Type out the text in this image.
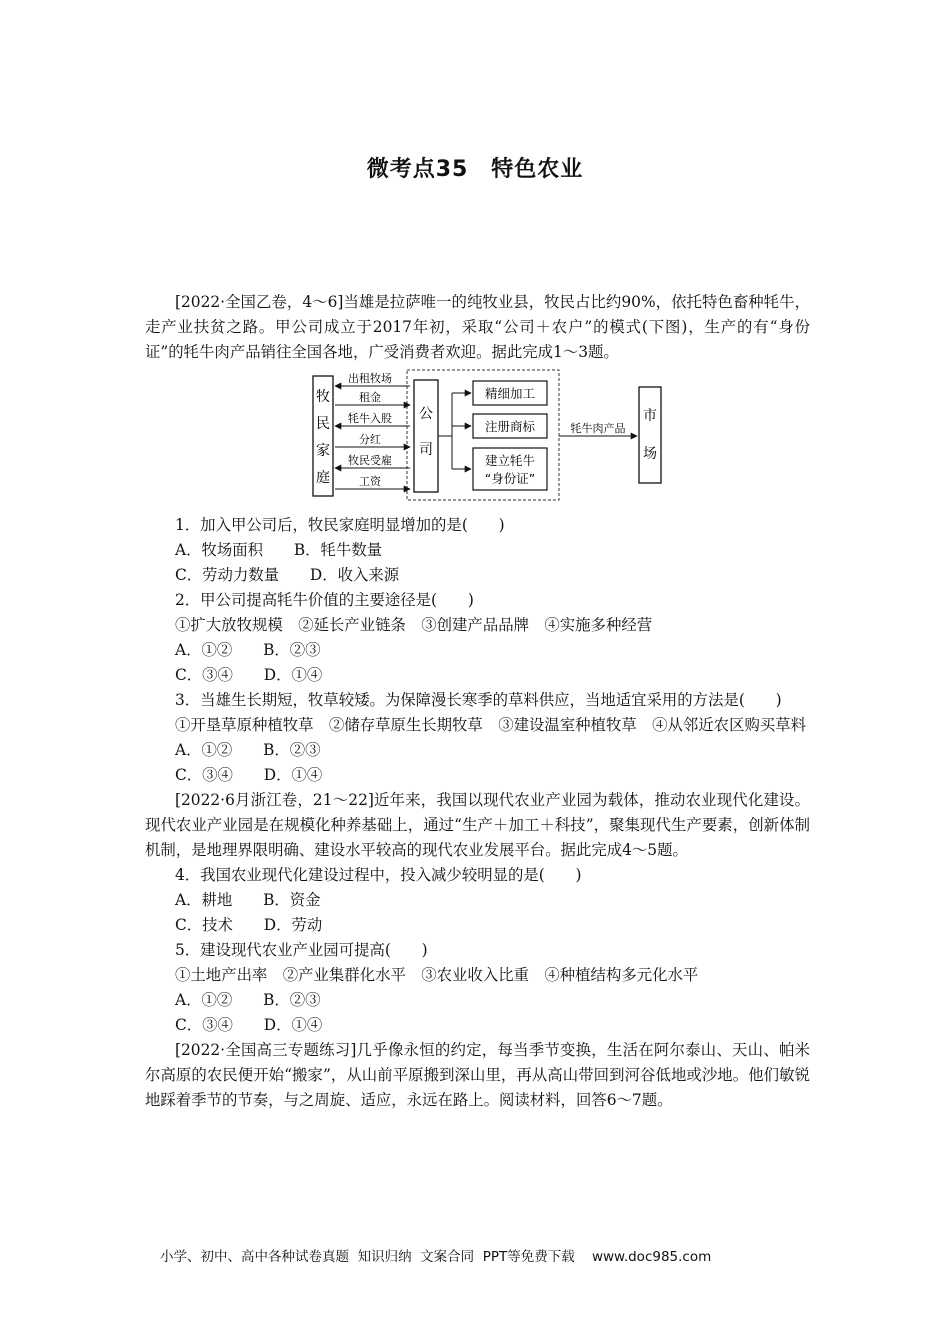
微考点35　特色农业

[2022·全国乙卷，4～6]当雄是拉萨唯一的纯牧业县，牧民占比约90%，依托特色畜种牦牛，走产业扶贫之路。甲公司成立于2017年初，采取“公司＋农户”的模式(下图)，生产的有“身份证”的牦牛肉产品销往全国各地，广受消费者欢迎。据此完成1～3题。

牧
民
家
庭
公
司
出租牧场
租金
牦牛入股
分红
牧民受雇
工资
精细加工
注册商标
建立牦牛
“身份证”
牦牛肉产品
市
场

1．加入甲公司后，牧民家庭明显增加的是(　　)

A．牧场面积　　B．牦牛数量

C．劳动力数量　　D．收入来源

2．甲公司提高牦牛价值的主要途径是(　　)

①扩大放牧规模　②延长产业链条　③创建产品品牌　④实施多种经营

A．①②　　B．②③

C．③④　　D．①④

3．当雄生长期短，牧草较矮。为保障漫长寒季的草料供应，当地适宜采用的方法是(　　)

①开垦草原种植牧草　②储存草原生长期牧草　③建设温室种植牧草　④从邻近农区购买草料

A．①②　　B．②③

C．③④　　D．①④

[2022·6月浙江卷，21～22]近年来，我国以现代农业产业园为载体，推动农业现代化建设。现代农业产业园是在规模化种养基础上，通过“生产＋加工＋科技”，聚集现代生产要素，创新体制机制，是地理界限明确、建设水平较高的现代农业发展平台。据此完成4～5题。

4．我国农业现代化建设过程中，投入减少较明显的是(　　)

A．耕地　　B．资金

C．技术　　D．劳动

5．建设现代农业产业园可提高(　　)

①土地产出率　②产业集群化水平　③农业收入比重　④种植结构多元化水平

A．①②　　B．②③

C．③④　　D．①④

[2022·全国高三专题练习]几乎像永恒的约定，每当季节变换，生活在阿尔泰山、天山、帕米尔高原的农民便开始“搬家”，从山前平原搬到深山里，再从高山带回到河谷低地或沙地。他们敏锐地踩着季节的节奏，与之周旋、适应，永远在路上。阅读材料，回答6～7题。

小学、初中、高中各种试卷真题  知识归纳  文案合同  PPT等免费下载    www.doc985.com
